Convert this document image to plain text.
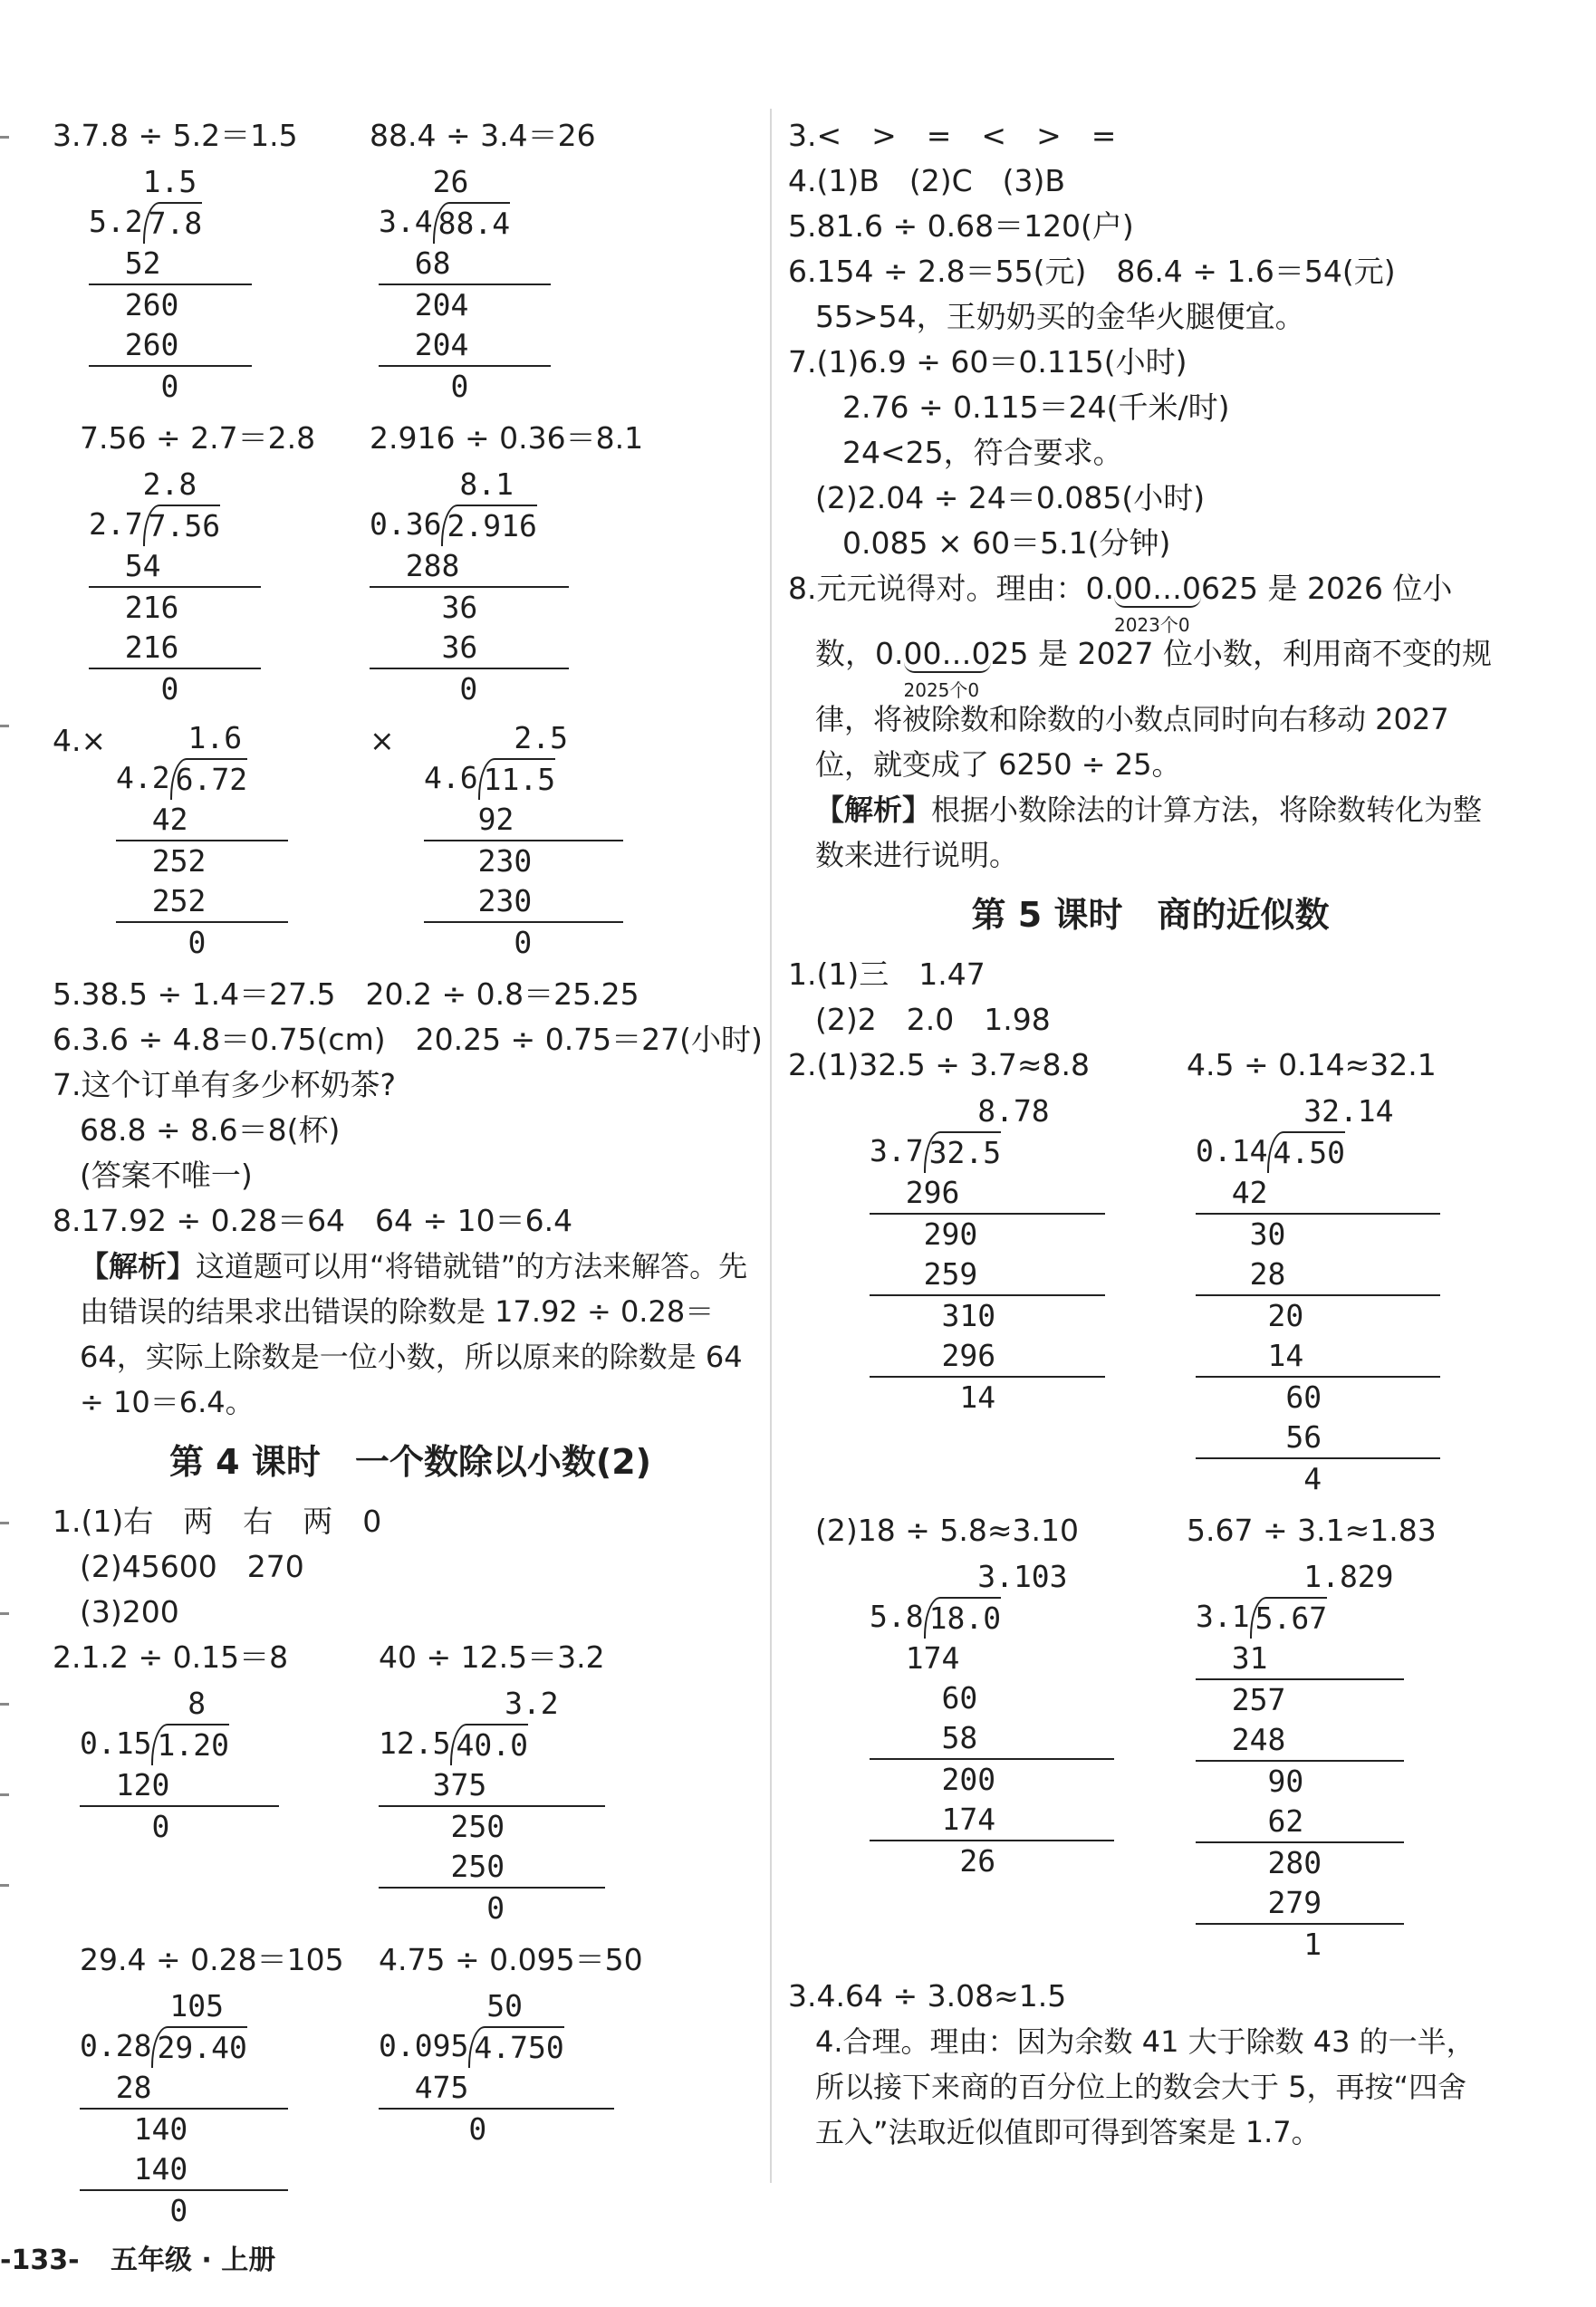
3.7.8 ÷ 5.2＝1.5
1.5
5.2 7.8
52
260
260
0
88.4 ÷ 3.4＝26
26
3.4 88.4
68
204
204
0
7.56 ÷ 2.7＝2.8
2.8
2.7 7.56
54
216
216
0
2.916 ÷ 0.36＝8.1
8.1
0.36 2.916
288
36
36
0
4.× 1.6
4.2 6.72
42
252
252
0
× 2.5
4.6 11.5
92
230
230
0
5.38.5 ÷ 1.4＝27.5　20.2 ÷ 0.8＝25.25
6.3.6 ÷ 4.8＝0.75(cm)　20.25 ÷ 0.75＝27(小时)
7.这个订单有多少杯奶茶?
68.8 ÷ 8.6＝8(杯)
(答案不唯一)
8.17.92 ÷ 0.28＝64　64 ÷ 10＝6.4
【解析】这道题可以用“将错就错”的方法来解答。先由错误的结果求出错误的除数是 17.92 ÷ 0.28＝64，实际上除数是一位小数，所以原来的除数是 64 ÷ 10＝6.4。
第 4 课时　一个数除以小数(2)
1.(1)右　两　右　两　0
(2)45600　270
(3)200
2.1.2 ÷ 0.15＝8
8
0.15 1.20
120
0
40 ÷ 12.5＝3.2
3.2
12.5 40.0
375
250
250
0
29.4 ÷ 0.28＝105
105
0.28 29.40
28
140
140
0
4.75 ÷ 0.095＝50
50
0.095 4.750
475
0
3.<　>　=　<　>　=
4.(1)B　(2)C　(3)B
5.81.6 ÷ 0.68＝120(户)
6.154 ÷ 2.8＝55(元)　86.4 ÷ 1.6＝54(元)
55>54，王奶奶买的金华火腿便宜。
7.(1)6.9 ÷ 60＝0.115(小时)
2.76 ÷ 0.115＝24(千米/时)
24<25，符合要求。
(2)2.04 ÷ 24＝0.085(小时)
0.085 × 60＝5.1(分钟)
8.元元说得对。理由：0.00…0
2023个0
625 是 2026 位小
数，0.00…0
2025个0
25 是 2027 位小数，利用商不变的规
律，将被除数和除数的小数点同时向右移动 2027 位，就变成了 6250 ÷ 25。
【解析】根据小数除法的计算方法，将除数转化为整数来进行说明。
第 5 课时　商的近似数
1.(1)三　1.47
(2)2　2.0　1.98
2.(1)32.5 ÷ 3.7≈8.8
8.78
3.7 32.5
296
290
259
310
296
14
4.5 ÷ 0.14≈32.1
32.14
0.14 4.50
42
30
28
20
14
60
56
4
(2)18 ÷ 5.8≈3.10
3.103
5.8 18.0
174
60
58
200
174
26
5.67 ÷ 3.1≈1.83
1.829
3.1 5.67
31
257
248
90
62
280
279
1
3.4.64 ÷ 3.08≈1.5
4.合理。理由：因为余数 41 大于除数 43 的一半，所以接下来商的百分位上的数会大于 5，再按“四舍五入”法取近似值即可得到答案是 1.7。
-133- 五年级 · 上册
